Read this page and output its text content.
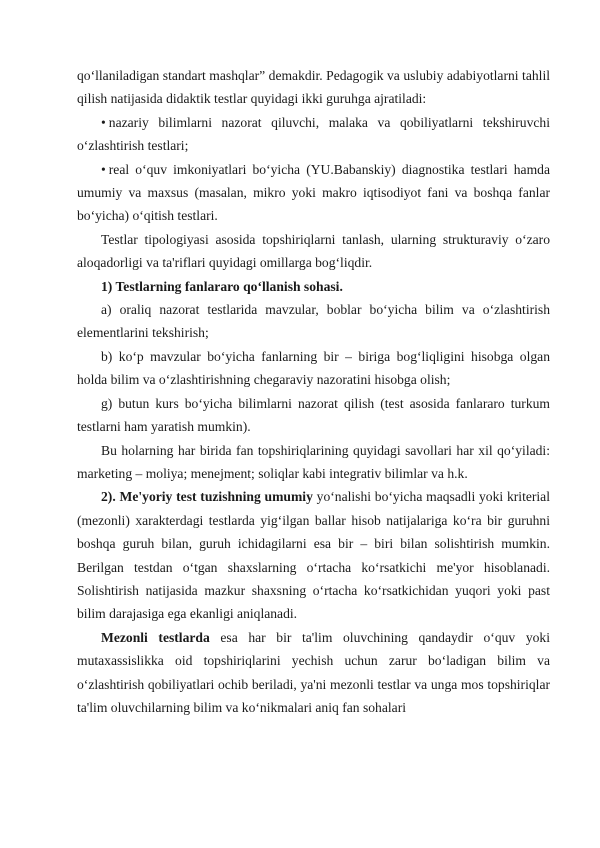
qo‘llaniladigan standart mashqlar” demakdir. Pedagogik va uslubiy adabiyotlarni tahlil qilish natijasida didaktik testlar quyidagi ikki guruhga ajratiladi:

• nazariy bilimlarni nazorat qiluvchi, malaka va qobiliyatlarni tekshiruvchi o‘zlashtirish testlari;

• real o‘quv imkoniyatlari bo‘yicha (YU.Babanskiy) diagnostika testlari hamda umumiy va maxsus (masalan, mikro yoki makro iqtisodiyot fani va boshqa fanlar bo‘yicha) o‘qitish testlari.

Testlar tipologiyasi asosida topshiriqlarni tanlash, ularning strukturaviy o‘zaro aloqadorligi va ta'riflari quyidagi omillarga bog‘liqdir.

1) Testlarning fanlararo qo‘llanish sohasi.

a) oraliq nazorat testlarida mavzular, boblar bo‘yicha bilim va o‘zlashtirish elementlarini tekshirish;

b) ko‘p mavzular bo‘yicha fanlarning bir – biriga bog‘liqligini hisobga olgan holda bilim va o‘zlashtirishning chegaraviy nazoratini hisobga olish;

g) butun kurs bo‘yicha bilimlarni nazorat qilish (test asosida fanlararo turkum testlarni ham yaratish mumkin).

Bu holarning har birida fan topshiriqlarining quyidagi savollari har xil qo‘yiladi: marketing – moliya; menejment; soliqlar kabi integrativ bilimlar va h.k.

2). Me'yoriy test tuzishning umumiy yo‘nalishi bo‘yicha maqsadli yoki kriterial (mezonli) xarakterdagi testlarda yig‘ilgan ballar hisob natijalariga ko‘ra bir guruhni boshqa guruh bilan, guruh ichidagilarni esa bir – biri bilan solishtirish mumkin. Berilgan testdan o‘tgan shaxslarning o‘rtacha ko‘rsatkichi me'yor hisoblanadi. Solishtirish natijasida mazkur shaxsning o‘rtacha ko‘rsatkichidan yuqori yoki past bilim darajasiga ega ekanligi aniqlanadi.

Mezonli testlarda esa har bir ta'lim oluvchining qandaydir o‘quv yoki mutaxassislikka oid topshiriqlarini yechish uchun zarur bo‘ladigan bilim va o‘zlashtirish qobiliyatlari ochib beriladi, ya'ni mezonli testlar va unga mos topshiriqlar ta'lim oluvchilarning bilim va ko‘nikmalari aniq fan sohalari
